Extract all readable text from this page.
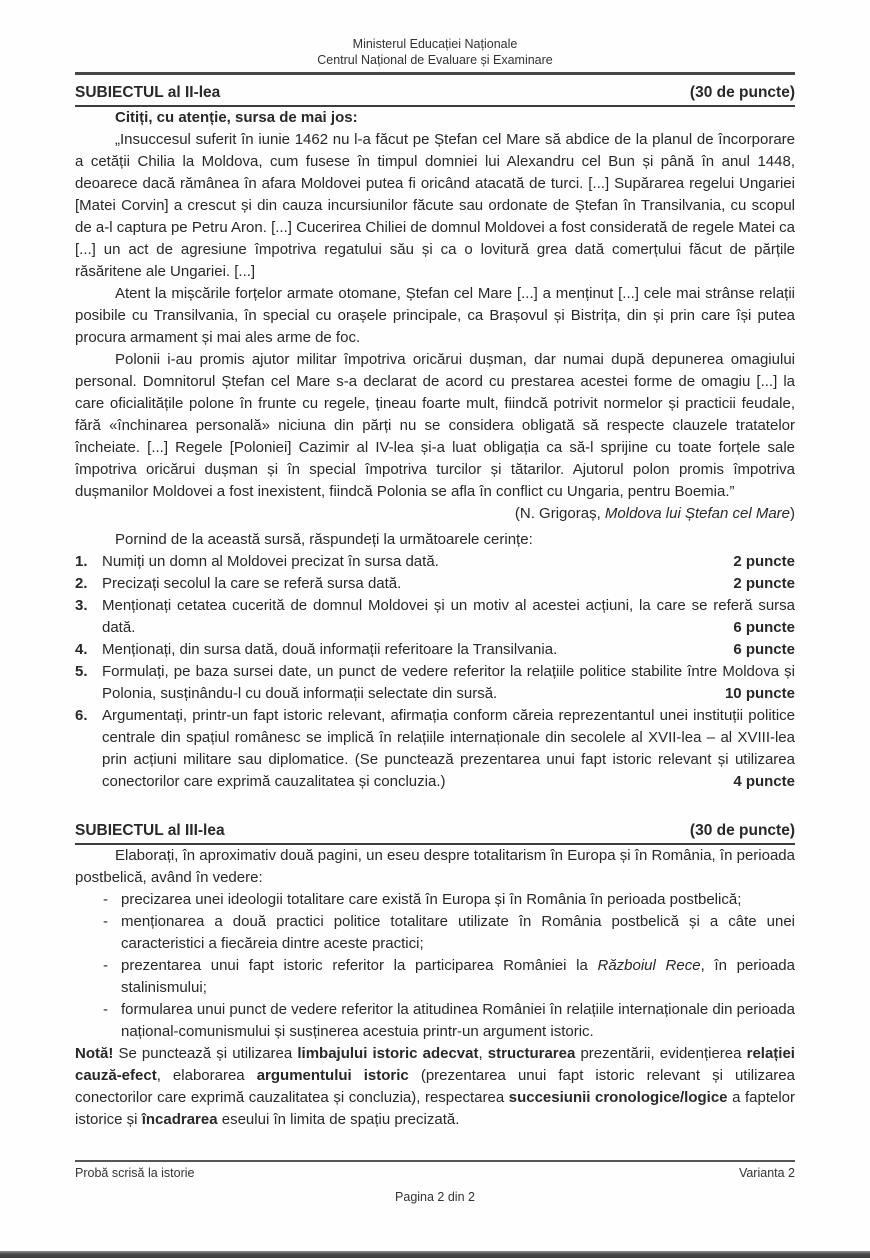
Ministerul Educației Naționale
Centrul Național de Evaluare și Examinare
SUBIECTUL al II-lea	(30 de puncte)

Citiți, cu atenție, sursa de mai jos:

„Insuccesul suferit în iunie 1462 nu l-a făcut pe Ștefan cel Mare să abdice de la planul de încorporare a cetății Chilia la Moldova, cum fusese în timpul domniei lui Alexandru cel Bun și până în anul 1448, deoarece dacă rămânea în afara Moldovei putea fi oricând atacată de turci. [...] Supărarea regelui Ungariei [Matei Corvin] a crescut și din cauza incursiunilor făcute sau ordonate de Ștefan în Transilvania, cu scopul de a-l captura pe Petru Aron. [...] Cucerirea Chiliei de domnul Moldovei a fost considerată de regele Matei ca [...] un act de agresiune împotriva regatului său și ca o lovitură grea dată comerțului făcut de părțile răsăritene ale Ungariei. [...]

Atent la mișcările forțelor armate otomane, Ștefan cel Mare [...] a menținut [...] cele mai strânse relații posibile cu Transilvania, în special cu orașele principale, ca Brașovul și Bistrița, din și prin care își putea procura armament și mai ales arme de foc.

Polonii i-au promis ajutor militar împotriva oricărui dușman, dar numai după depunerea omagiului personal. Domnitorul Ștefan cel Mare s-a declarat de acord cu prestarea acestei forme de omagiu [...] la care oficialitățile polone în frunte cu regele, țineau foarte mult, fiindcă potrivit normelor și practicii feudale, fără «închinarea personală» niciuna din părți nu se considera obligată să respecte clauzele tratatelor încheiate. [...] Regele [Poloniei] Cazimir al IV-lea și-a luat obligația ca să-l sprijine cu toate forțele sale împotriva oricărui dușman și în special împotriva turcilor și tătarilor. Ajutorul polon promis împotriva dușmanilor Moldovei a fost inexistent, fiindcă Polonia se afla în conflict cu Ungaria, pentru Boemia.”
(N. Grigoraș, Moldova lui Ștefan cel Mare)

Pornind de la această sursă, răspundeți la următoarele cerințe:

1. Numiți un domn al Moldovei precizat în sursa dată.	2 puncte
2. Precizați secolul la care se referă sursa dată.	2 puncte
3. Menționați cetatea cucerită de domnul Moldovei și un motiv al acestei acțiuni, la care se referă sursa dată.	6 puncte
4. Menționați, din sursa dată, două informații referitoare la Transilvania.	6 puncte
5. Formulați, pe baza sursei date, un punct de vedere referitor la relațiile politice stabilite între Moldova și Polonia, susținându-l cu două informații selectate din sursă.	10 puncte
6. Argumentați, printr-un fapt istoric relevant, afirmația conform căreia reprezentantul unei instituții politice centrale din spațiul românesc se implică în relațiile internaționale din secolele al XVII-lea – al XVIII-lea prin acțiuni militare sau diplomatice. (Se punctează prezentarea unui fapt istoric relevant și utilizarea conectorilor care exprimă cauzalitatea și concluzia.)	4 puncte
SUBIECTUL al III-lea	(30 de puncte)

Elaborați, în aproximativ două pagini, un eseu despre totalitarism în Europa și în România, în perioada postbelică, având în vedere:

- precizarea unei ideologii totalitare care există în Europa și în România în perioada postbelică;
- menționarea a două practici politice totalitare utilizate în România postbelică și a câte unei caracteristici a fiecăreia dintre aceste practici;
- prezentarea unui fapt istoric referitor la participarea României la Războiul Rece, în perioada stalinismului;
- formularea unui punct de vedere referitor la atitudinea României în relațiile internaționale din perioada național-comunismului și susținerea acestuia printr-un argument istoric.

Notă! Se punctează și utilizarea limbajului istoric adecvat, structurarea prezentării, evidențierea relației cauză-efect, elaborarea argumentului istoric (prezentarea unui fapt istoric relevant și utilizarea conectorilor care exprimă cauzalitatea și concluzia), respectarea succesiunii cronologice/logice a faptelor istorice și încadrarea eseului în limita de spațiu precizată.

Probă scrisă la istorie	Varianta 2
Pagina 2 din 2
